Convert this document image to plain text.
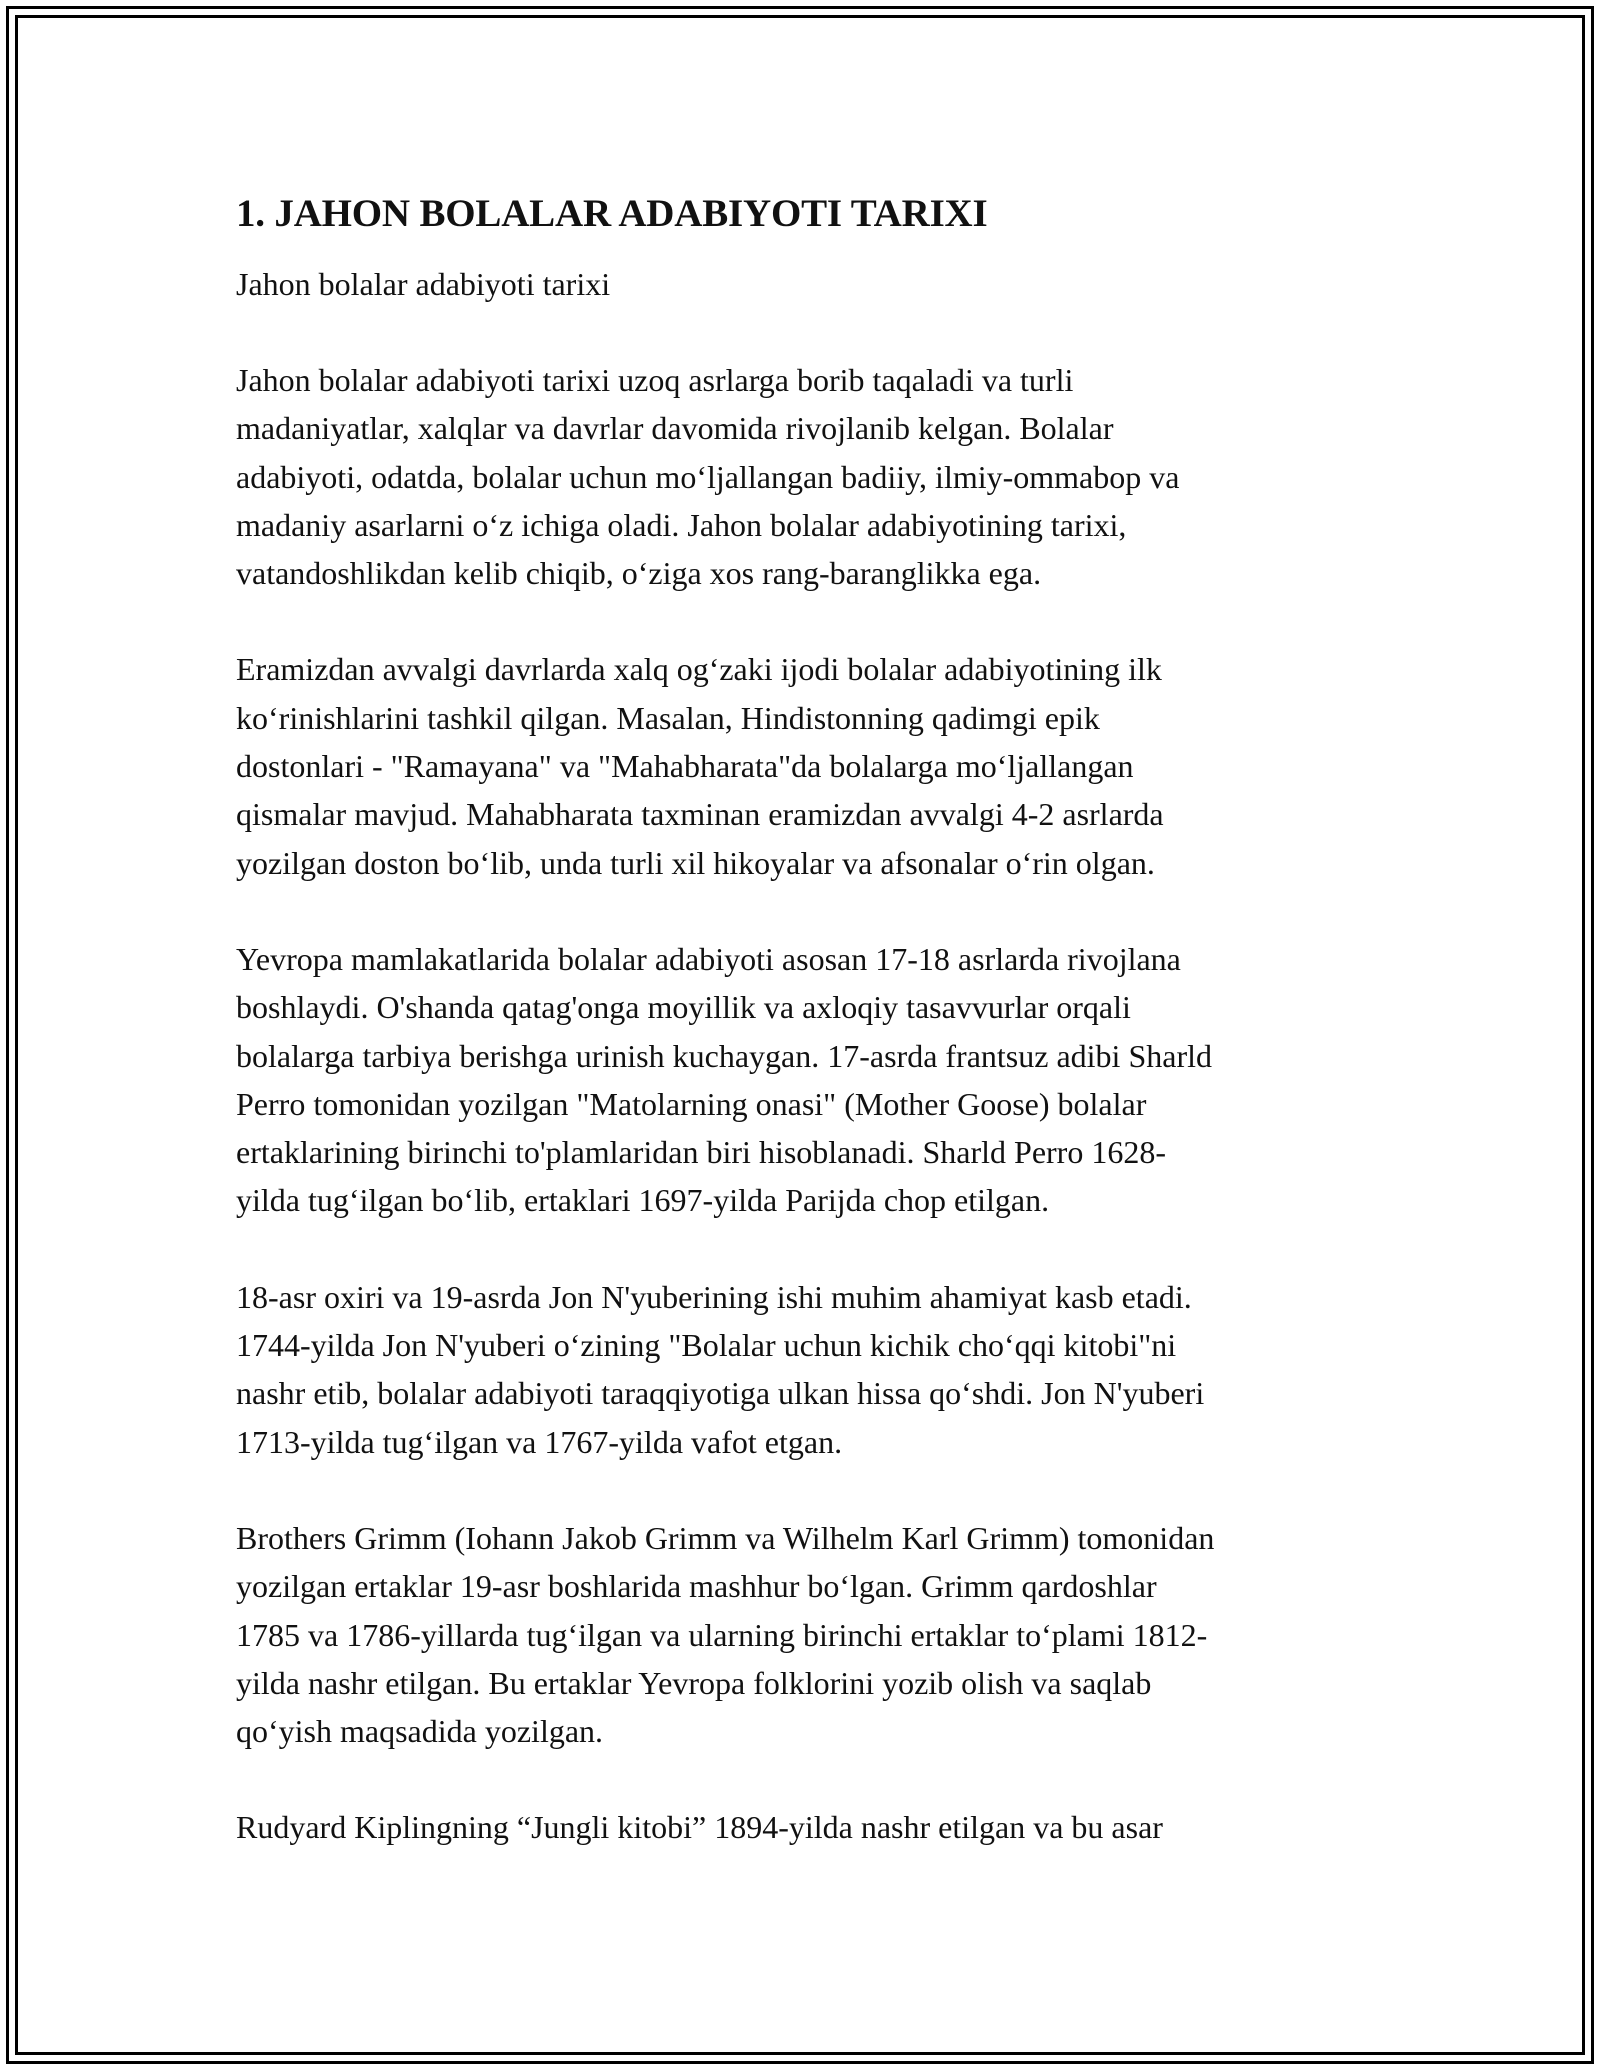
1. JAHON BOLALAR ADABIYOTI TARIXI

Jahon bolalar adabiyoti tarixi

Jahon bolalar adabiyoti tarixi uzoq asrlarga borib taqaladi va turli
madaniyatlar, xalqlar va davrlar davomida rivojlanib kelgan. Bolalar
adabiyoti, odatda, bolalar uchun mo‘ljallangan badiiy, ilmiy-ommabop va
madaniy asarlarni o‘z ichiga oladi. Jahon bolalar adabiyotining tarixi,
vatandoshlikdan kelib chiqib, o‘ziga xos rang-baranglikka ega.

Eramizdan avvalgi davrlarda xalq og‘zaki ijodi bolalar adabiyotining ilk
ko‘rinishlarini tashkil qilgan. Masalan, Hindistonning qadimgi epik
dostonlari - "Ramayana" va "Mahabharata"da bolalarga mo‘ljallangan
qismalar mavjud. Mahabharata taxminan eramizdan avvalgi 4-2 asrlarda
yozilgan doston bo‘lib, unda turli xil hikoyalar va afsonalar o‘rin olgan.

Yevropa mamlakatlarida bolalar adabiyoti asosan 17-18 asrlarda rivojlana
boshlaydi. O'shanda qatag'onga moyillik va axloqiy tasavvurlar orqali
bolalarga tarbiya berishga urinish kuchaygan. 17-asrda frantsuz adibi Sharld
Perro tomonidan yozilgan "Matolarning onasi" (Mother Goose) bolalar
ertaklarining birinchi to'plamlaridan biri hisoblanadi. Sharld Perro 1628-
yilda tug‘ilgan bo‘lib, ertaklari 1697-yilda Parijda chop etilgan.

18-asr oxiri va 19-asrda Jon N'yuberining ishi muhim ahamiyat kasb etadi.
1744-yilda Jon N'yuberi o‘zining "Bolalar uchun kichik cho‘qqi kitobi"ni
nashr etib, bolalar adabiyoti taraqqiyotiga ulkan hissa qo‘shdi. Jon N'yuberi
1713-yilda tug‘ilgan va 1767-yilda vafot etgan.

Brothers Grimm (Iohann Jakob Grimm va Wilhelm Karl Grimm) tomonidan
yozilgan ertaklar 19-asr boshlarida mashhur bo‘lgan. Grimm qardoshlar
1785 va 1786-yillarda tug‘ilgan va ularning birinchi ertaklar to‘plami 1812-
yilda nashr etilgan. Bu ertaklar Yevropa folklorini yozib olish va saqlab
qo‘yish maqsadida yozilgan.

Rudyard Kiplingning “Jungli kitobi” 1894-yilda nashr etilgan va bu asar
